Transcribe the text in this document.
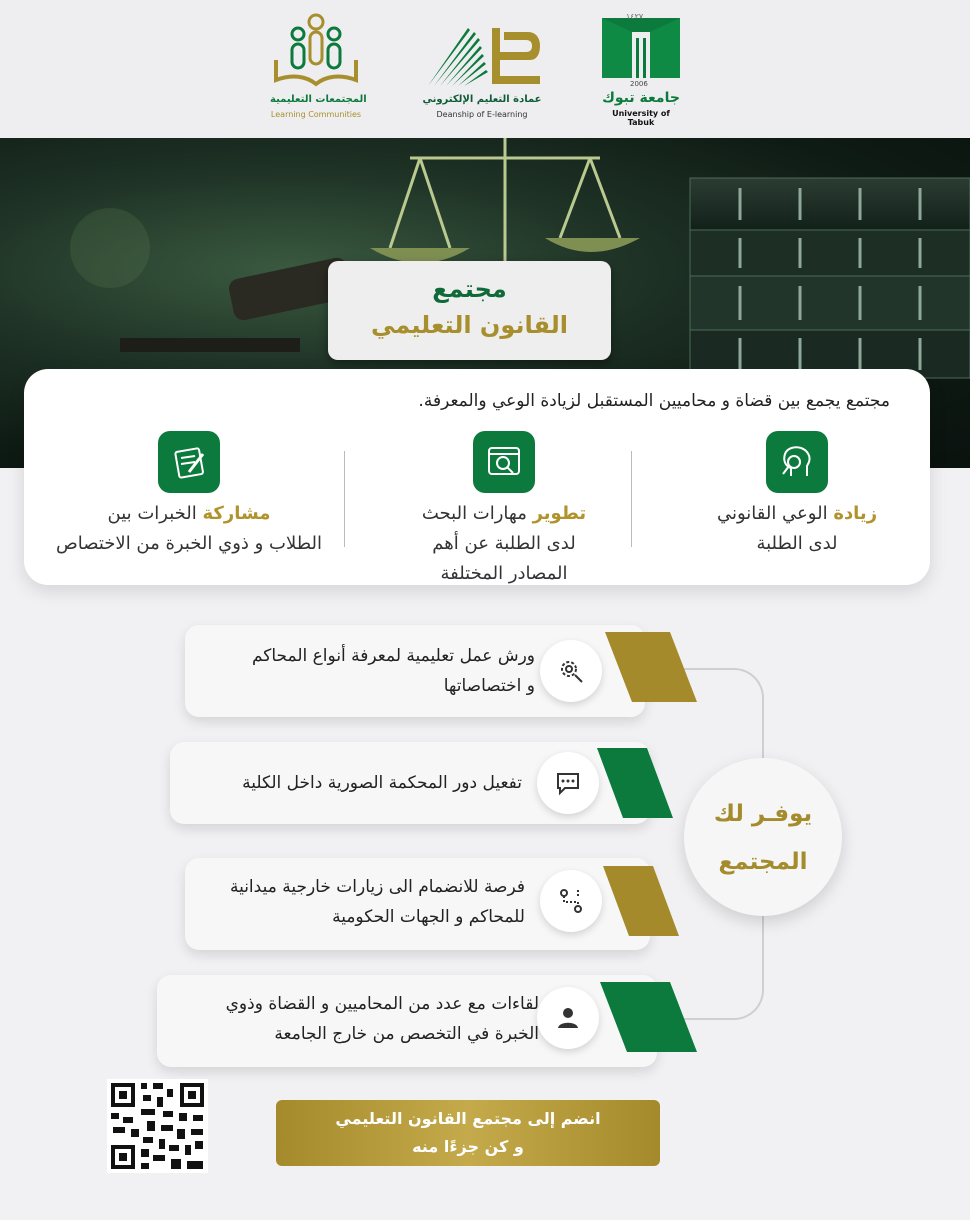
١٤٢٧
2006
جامعة تبوك
University of Tabuk
عمادة التعليم الإلكتروني
Deanship of E-learning
المجتمعات التعليمية
Learning Communities
مجتمع
القانون التعليمي
مجتمع يجمع بين قضاة و محاميين المستقبل لزيادة الوعي والمعرفة.
زيادة الوعي القانوني
لدى الطلبة
تطوير مهارات البحث
لدى الطلبة عن أهم
المصادر المختلفة
مشاركة الخبرات بين
الطلاب و ذوي الخبرة من الاختصاص
يوفـر لك
المجتمع
ورش عمل تعليمية لمعرفة أنواع المحاكم
و اختصاصاتها
تفعيل دور المحكمة الصورية داخل الكلية
فرصة للانضمام الى زيارات خارجية ميدانية
للمحاكم و الجهات الحكومية
لقاءات مع عدد من المحاميين و القضاة وذوي
الخبرة في التخصص من خارج الجامعة
انضم إلى مجتمع القانون التعليمي
و كن جزءًا منه
